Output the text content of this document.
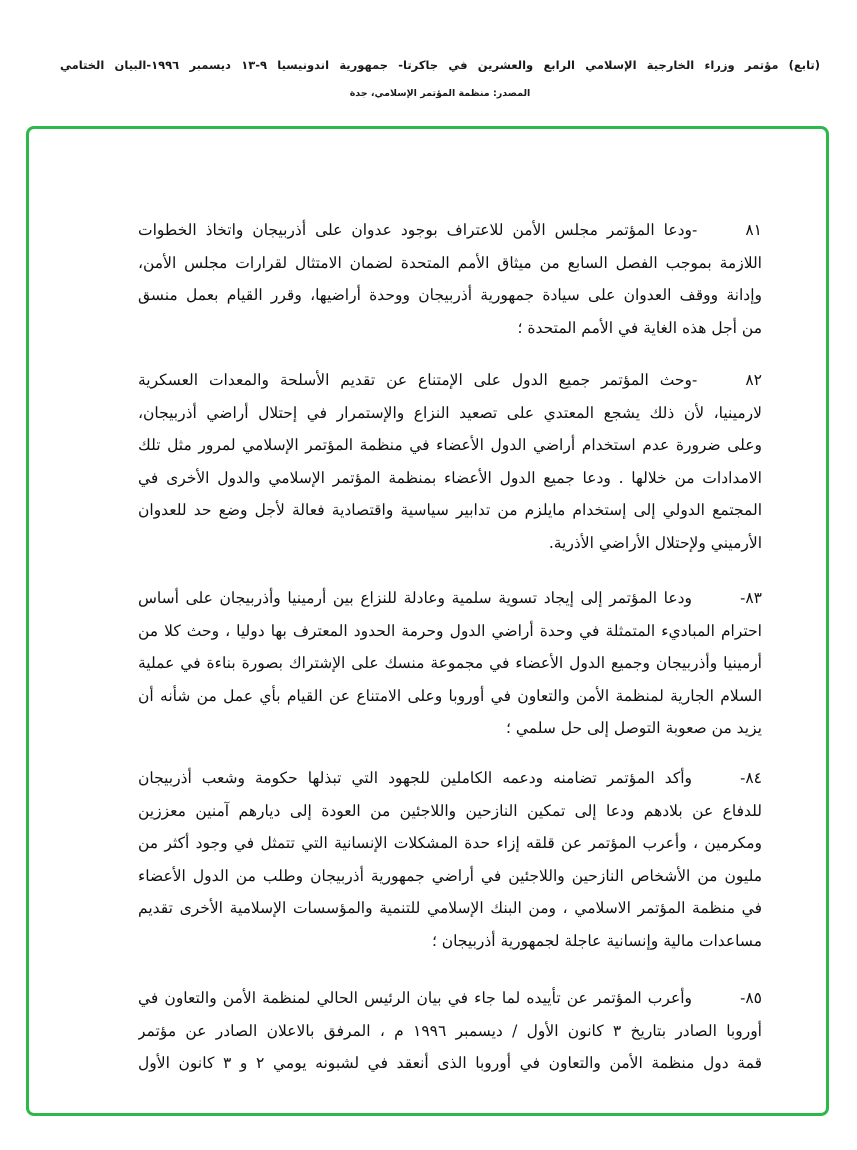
(تابع) مؤتمر وزراء الخارجية الإسلامي الرابع والعشرين في جاكرتا- جمهورية اندونيسيا ٩-١٣ ديسمبر ١٩٩٦-البيان الختامي
المصدر: منظمة المؤتمر الإسلامي، جدة
٨١ -ودعا المؤتمر مجلس الأمن للاعتراف بوجود عدوان على أذربيجان واتخاذ الخطوات
اللازمة بموجب الفصل السابع من ميثاق الأمم المتحدة لضمان الامتثال لقرارات مجلس الأمن،
وإدانة ووقف العدوان على سيادة جمهورية أذربيجان ووحدة أراضيها، وقرر القيام بعمل منسق
من أجل هذه الغاية في الأمم المتحدة ؛
٨٢ -وحث المؤتمر جميع الدول على الإمتناع عن تقديم الأسلحة والمعدات العسكرية
لارمينيا، لأن ذلك يشجع المعتدي على تصعيد النزاع والإستمرار في إحتلال أراضي أذربيجان،
وعلى ضرورة عدم استخدام أراضي الدول الأعضاء في منظمة المؤتمر الإسلامي لمرور مثل تلك
الامدادات من خلالها . ودعا جميع الدول الأعضاء بمنظمة المؤتمر الإسلامي والدول الأخرى في
المجتمع الدولي إلى إستخدام مايلزم من تدابير سياسية واقتصادية فعالة لأجل وضع حد للعدوان
الأرميني ولإحتلال الأراضي الأذرية.
٨٣-ودعا المؤتمر إلى إيجاد تسوية سلمية وعادلة للنزاع بين أرمينيا وأذربيجان على أساس
احترام المباديء المتمثلة في وحدة أراضي الدول وحرمة الحدود المعترف بها دوليا ، وحث كلا من
أرمينيا وأذربيجان وجميع الدول الأعضاء في مجموعة منسك على الإشتراك بصورة بناءة في عملية
السلام الجارية لمنظمة الأمن والتعاون في أوروبا وعلى الامتناع عن القيام بأي عمل من شأنه أن
يزيد من صعوبة التوصل إلى حل سلمي ؛
٨٤-وأكد المؤتمر تضامنه ودعمه الكاملين للجهود التي تبذلها حكومة وشعب أذربيجان
للدفاع عن بلادهم ودعا إلى تمكين النازحين واللاجئين من العودة إلى ديارهم آمنين معززين
ومكرمين ، وأعرب المؤتمر عن قلقه إزاء حدة المشكلات الإنسانية التي تتمثل في وجود أكثر من
مليون من الأشخاص النازحين واللاجئين في أراضي جمهورية أذربيجان وطلب من الدول الأعضاء
في منظمة المؤتمر الاسلامي ، ومن البنك الإسلامي للتنمية والمؤسسات الإسلامية الأخرى تقديم
مساعدات مالية وإنسانية عاجلة لجمهورية أذربيجان ؛
٨٥-وأعرب المؤتمر عن تأييده لما جاء في بيان الرئيس الحالي لمنظمة الأمن والتعاون في
أوروبا الصادر بتاريخ ٣ كانون الأول / ديسمبر ١٩٩٦ م ، المرفق بالاعلان الصادر عن مؤتمر
قمة دول منظمة الأمن والتعاون في أوروبا الذى أنعقد في لشبونه يومي ٢ و ٣ كانون الأول
